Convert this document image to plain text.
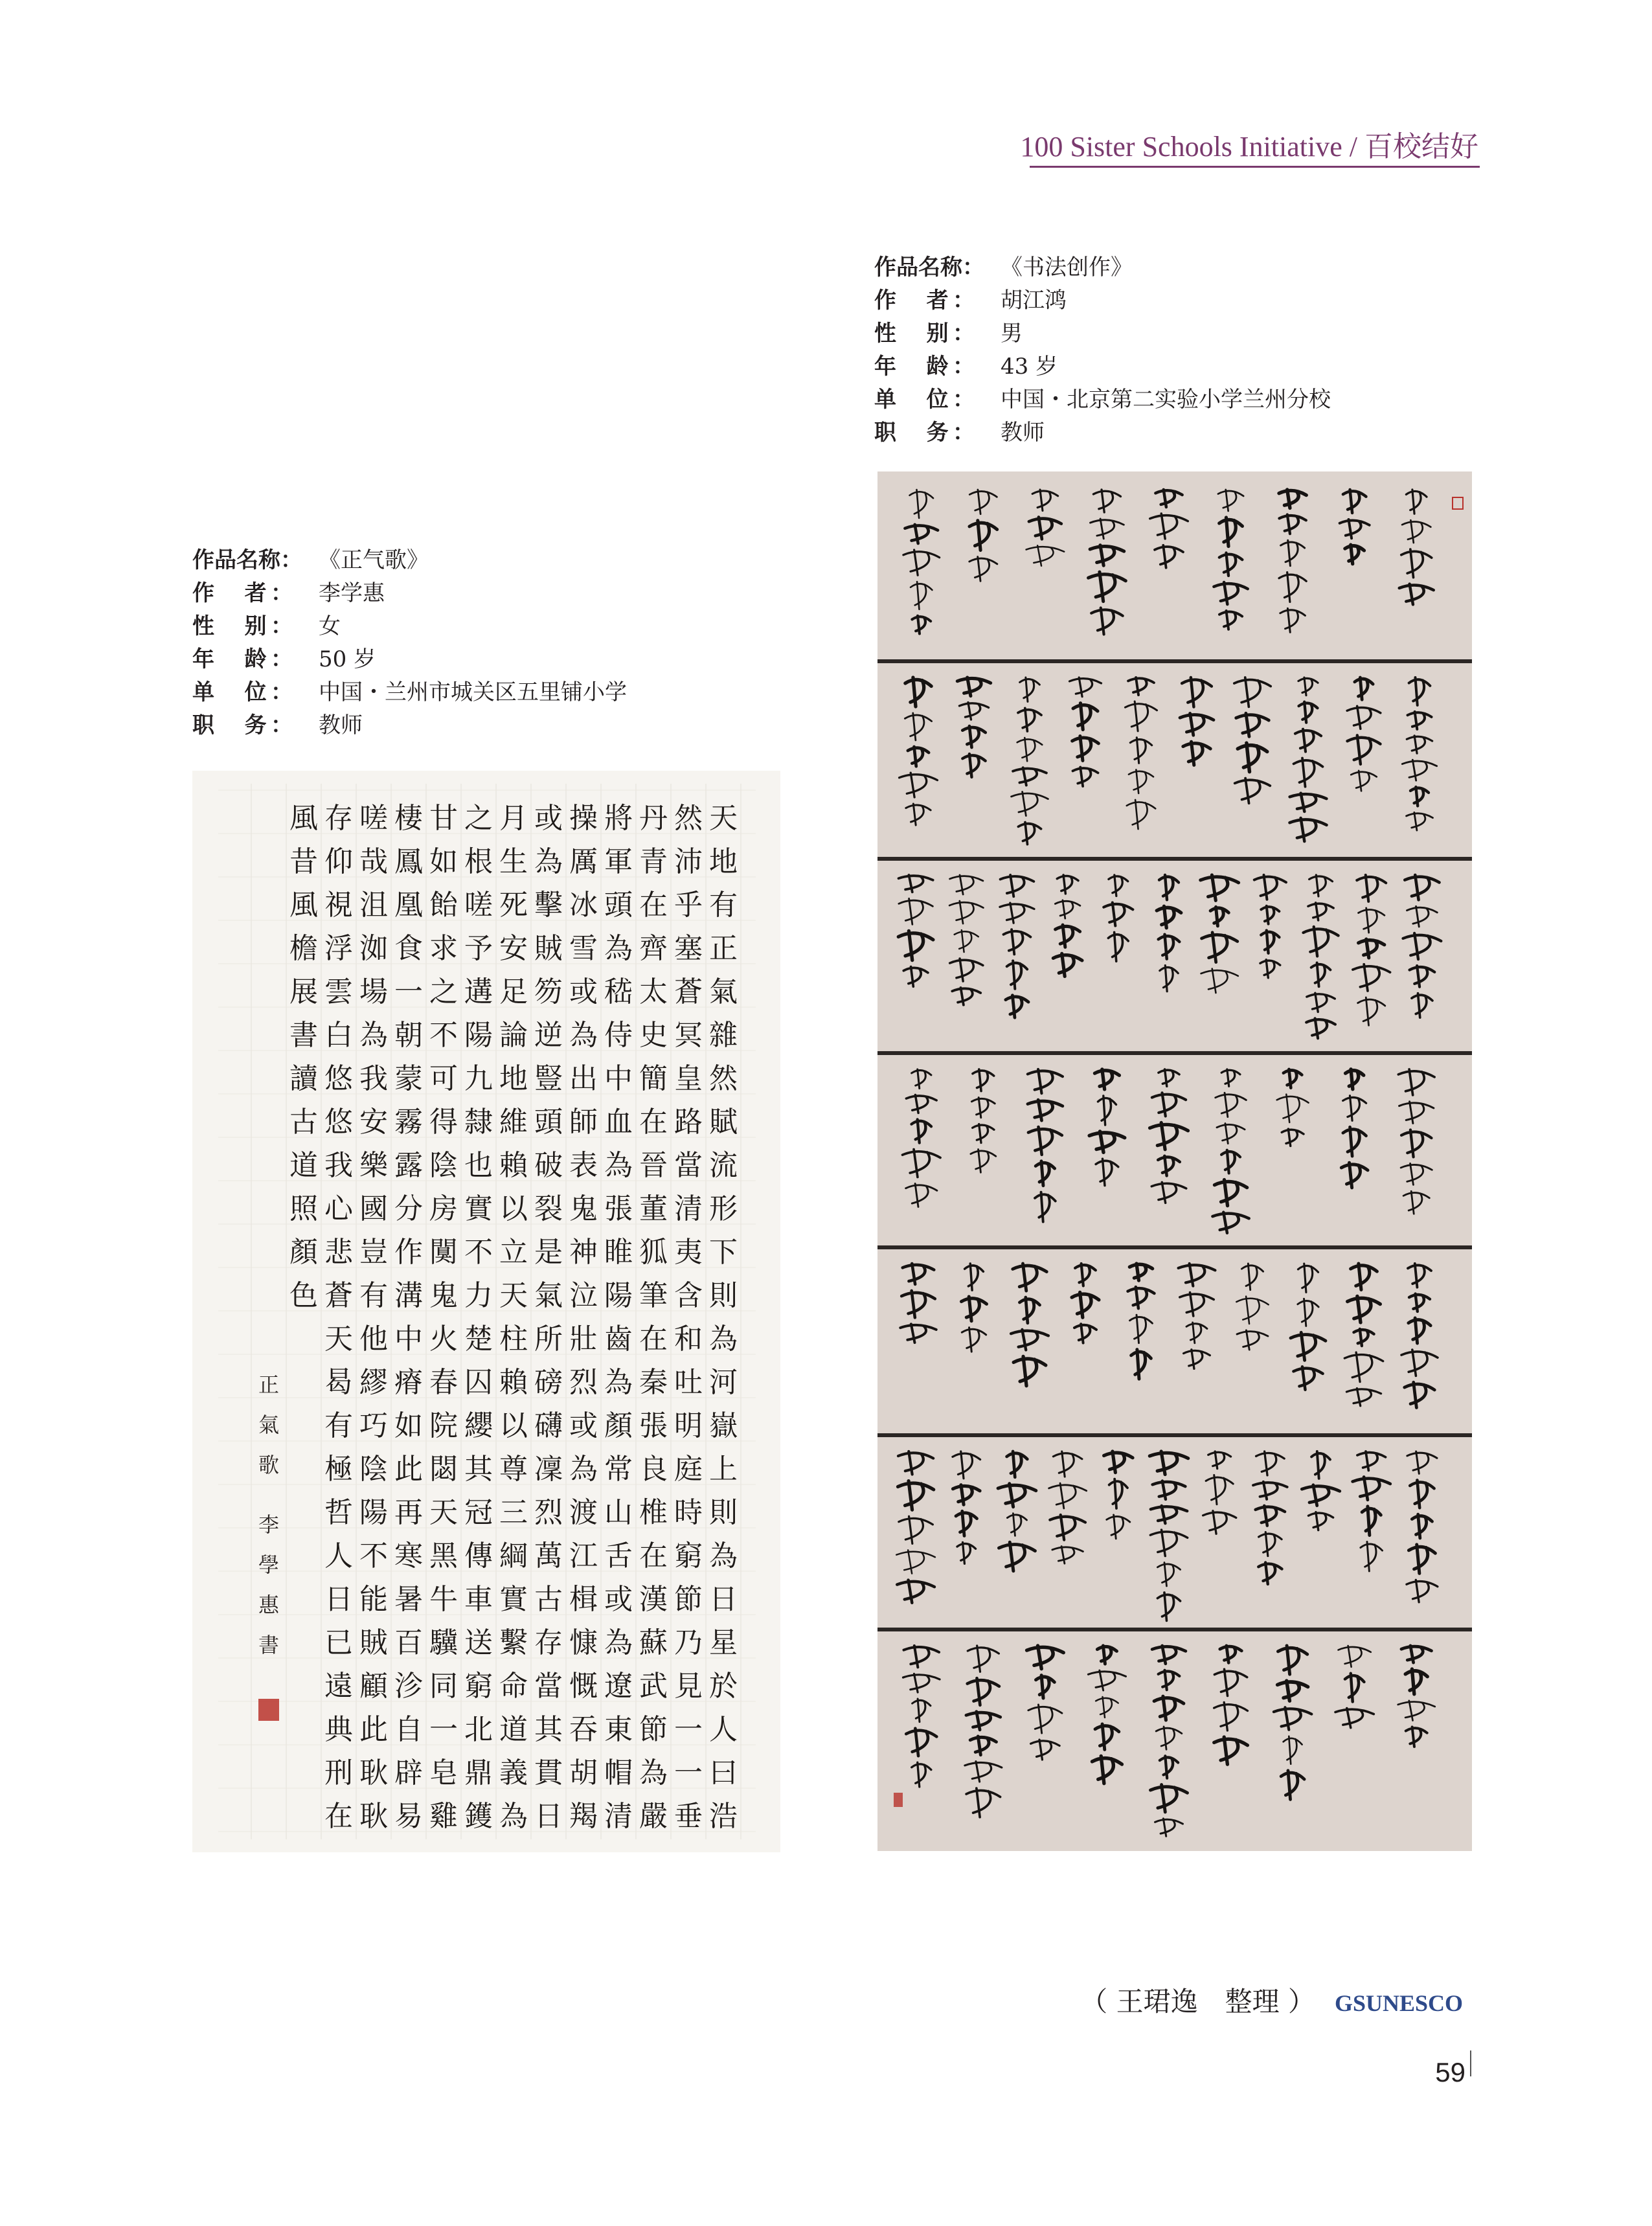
100 Sister Schools Initiative / 百校结好
作品名称： 《书法创作》
作　者： 胡江鸿
性　别： 男
年　龄： 43 岁
单　位： 中国・北京第二实验小学兰州分校
职　务： 教师
作品名称： 《正气歌》
作　者： 李学惠
性　别： 女
年　龄： 50 岁
单　位： 中国・兰州市城关区五里铺小学
职　务： 教师
天
地
有
正
氣
雜
然
賦
流
形
下
則
為
河
嶽
上
則
為
日
星
於
人
曰
浩
然
沛
乎
塞
蒼
冥
皇
路
當
清
夷
含
和
吐
明
庭
時
窮
節
乃
見
一
一
垂
丹
青
在
齊
太
史
簡
在
晉
董
狐
筆
在
秦
張
良
椎
在
漢
蘇
武
節
為
嚴
將
軍
頭
為
嵇
侍
中
血
為
張
睢
陽
齒
為
顏
常
山
舌
或
為
遼
東
帽
清
操
厲
冰
雪
或
為
出
師
表
鬼
神
泣
壯
烈
或
為
渡
江
楫
慷
慨
吞
胡
羯
或
為
擊
賊
笏
逆
豎
頭
破
裂
是
氣
所
磅
礴
凜
烈
萬
古
存
當
其
貫
日
月
生
死
安
足
論
地
維
賴
以
立
天
柱
賴
以
尊
三
綱
實
繫
命
道
義
為
之
根
嗟
予
遘
陽
九
隸
也
實
不
力
楚
囚
纓
其
冠
傳
車
送
窮
北
鼎
鑊
甘
如
飴
求
之
不
可
得
陰
房
闃
鬼
火
春
院
閟
天
黑
牛
驥
同
一
皂
雞
棲
鳳
凰
食
一
朝
蒙
霧
露
分
作
溝
中
瘠
如
此
再
寒
暑
百
沴
自
辟
易
嗟
哉
沮
洳
場
為
我
安
樂
國
豈
有
他
繆
巧
陰
陽
不
能
賊
顧
此
耿
耿
存
仰
視
浮
雲
白
悠
悠
我
心
悲
蒼
天
曷
有
極
哲
人
日
已
遠
典
刑
在
風
昔
風
檐
展
書
讀
古
道
照
顏
色
正
氣
歌

李
學
惠
書
（ 王珺逸　整理 ） GSUNESCO
59
